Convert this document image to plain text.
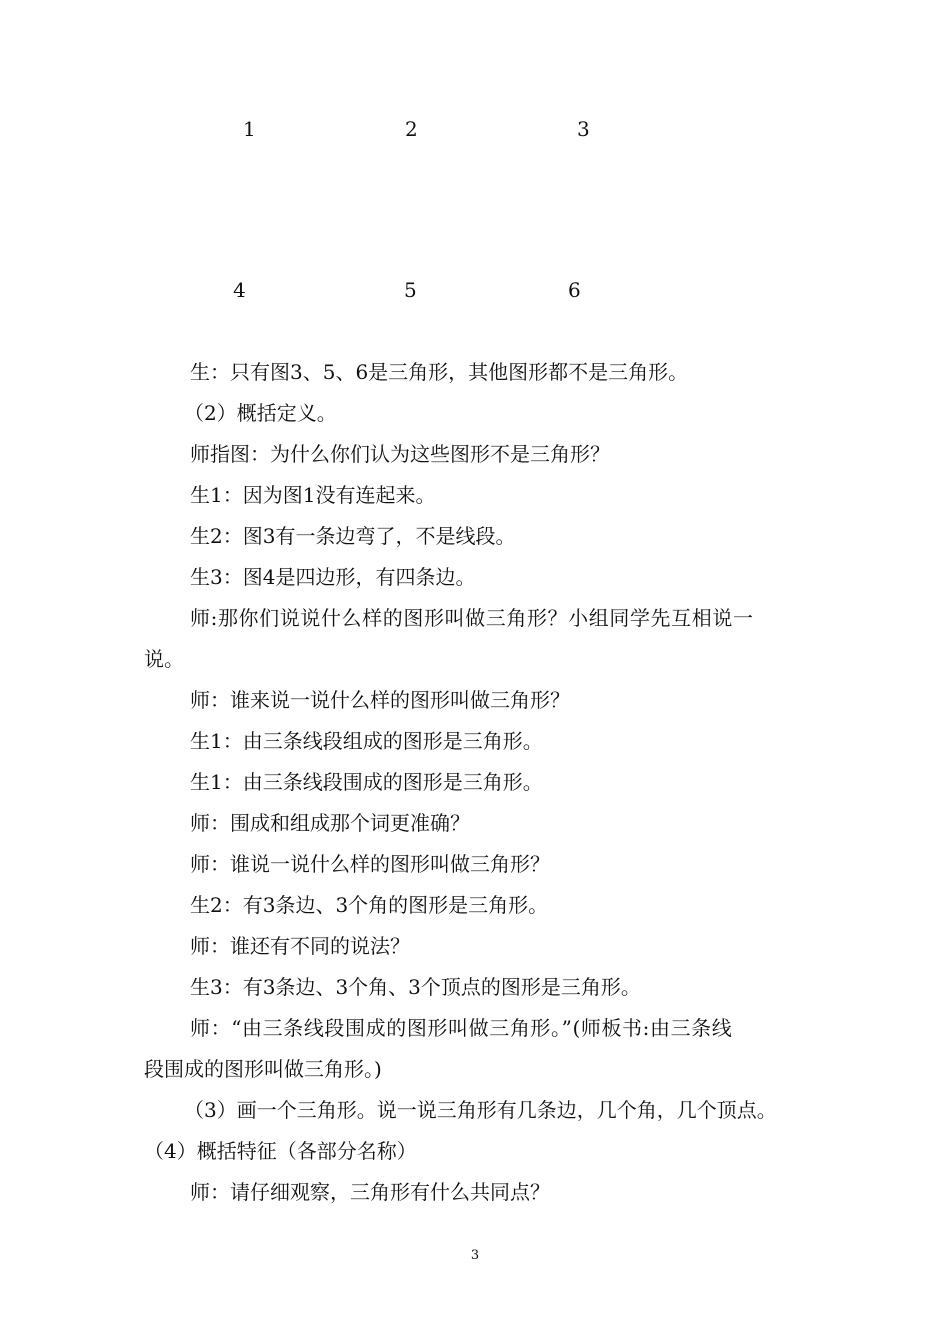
1	2	3
4	5	6
生：只有图3、5、6是三角形，其他图形都不是三角形。
（2）概括定义。
师指图：为什么你们认为这些图形不是三角形？
生1：因为图1没有连起来。
生2：图3有一条边弯了，不是线段。
生3：图4是四边形，有四条边。
师:那你们说说什么样的图形叫做三角形？小组同学先互相说一
说。
师：谁来说一说什么样的图形叫做三角形？
生1：由三条线段组成的图形是三角形。
生1：由三条线段围成的图形是三角形。
师：围成和组成那个词更准确？
师：谁说一说什么样的图形叫做三角形？
生2：有3条边、3个角的图形是三角形。
师：谁还有不同的说法？
生3：有3条边、3个角、3个顶点的图形是三角形。
师：“由三条线段围成的图形叫做三角形。”(师板书:由三条线
段围成的图形叫做三角形。)
（3）画一个三角形。说一说三角形有几条边，几个角，几个顶点。
（4）概括特征（各部分名称）
师：请仔细观察，三角形有什么共同点？
3
